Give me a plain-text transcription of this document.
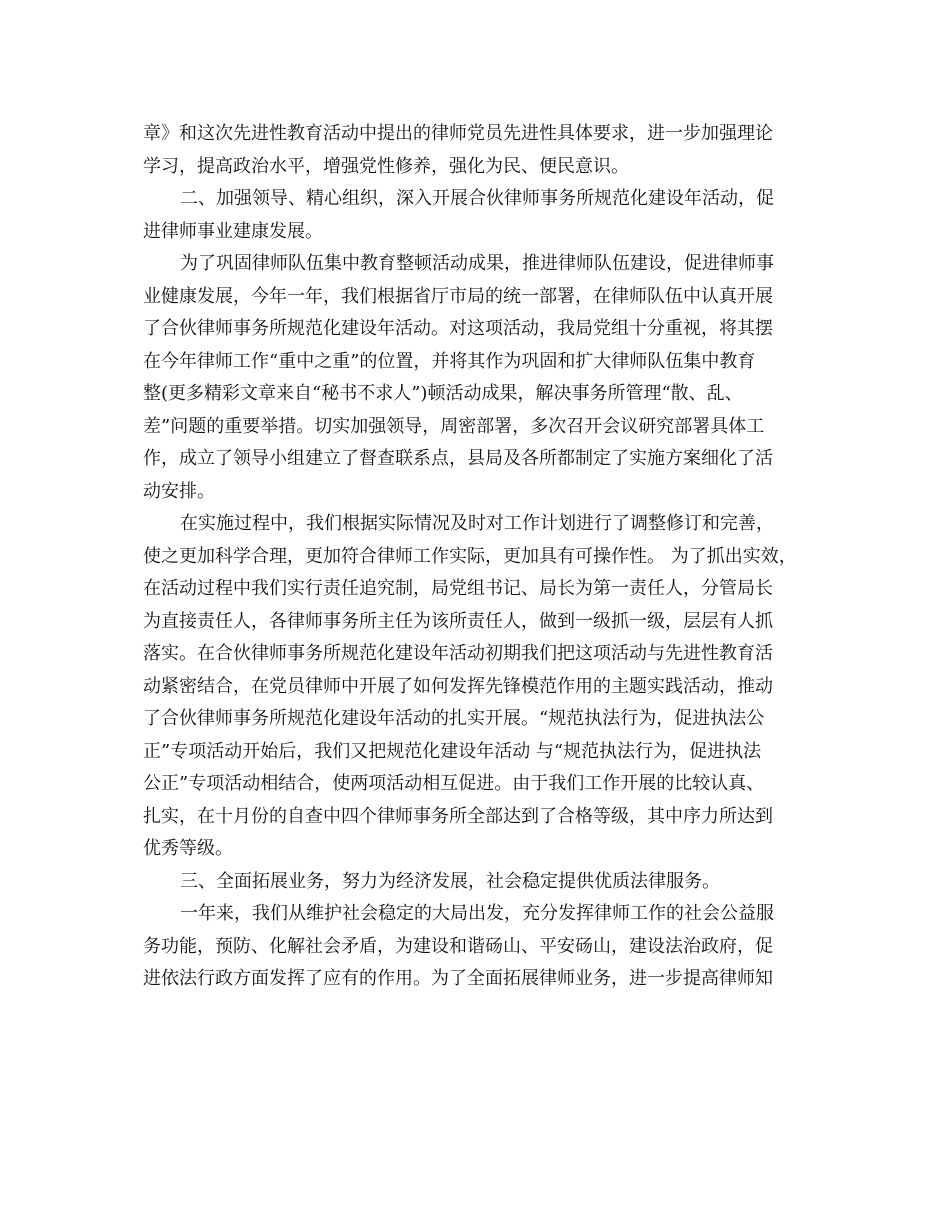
章》和这次先进性教育活动中提出的律师党员先进性具体要求，进一步加强理论
学习，提高政治水平，增强党性修养，强化为民、便民意识。
二、加强领导、精心组织，深入开展合伙律师事务所规范化建设年活动，促
进律师事业建康发展。
为了巩固律师队伍集中教育整顿活动成果，推进律师队伍建设，促进律师事
业健康发展，今年一年，我们根据省厅市局的统一部署，在律师队伍中认真开展
了合伙律师事务所规范化建设年活动。对这项活动，我局党组十分重视，将其摆
在今年律师工作“重中之重”的位置，并将其作为巩固和扩大律师队伍集中教育
整(更多精彩文章来自“秘书不求人”)顿活动成果，解决事务所管理“散、乱、
差”问题的重要举措。切实加强领导，周密部署，多次召开会议研究部署具体工
作，成立了领导小组建立了督查联系点，县局及各所都制定了实施方案细化了活
动安排。
在实施过程中，我们根据实际情况及时对工作计划进行了调整修订和完善，
使之更加科学合理，更加符合律师工作实际，更加具有可操作性。 为了抓出实效，
在活动过程中我们实行责任追究制，局党组书记、局长为第一责任人，分管局长
为直接责任人，各律师事务所主任为该所责任人，做到一级抓一级，层层有人抓
落实。在合伙律师事务所规范化建设年活动初期我们把这项活动与先进性教育活
动紧密结合，在党员律师中开展了如何发挥先锋模范作用的主题实践活动，推动
了合伙律师事务所规范化建设年活动的扎实开展。“规范执法行为，促进执法公
正”专项活动开始后，我们又把规范化建设年活动 与“规范执法行为，促进执法
公正”专项活动相结合，使两项活动相互促进。由于我们工作开展的比较认真、
扎实，在十月份的自查中四个律师事务所全部达到了合格等级，其中序力所达到
优秀等级。
三、全面拓展业务，努力为经济发展，社会稳定提供优质法律服务。
一年来，我们从维护社会稳定的大局出发，充分发挥律师工作的社会公益服
务功能，预防、化解社会矛盾，为建设和谐砀山、平安砀山，建设法治政府，促
进依法行政方面发挥了应有的作用。为了全面拓展律师业务，进一步提高律师知
